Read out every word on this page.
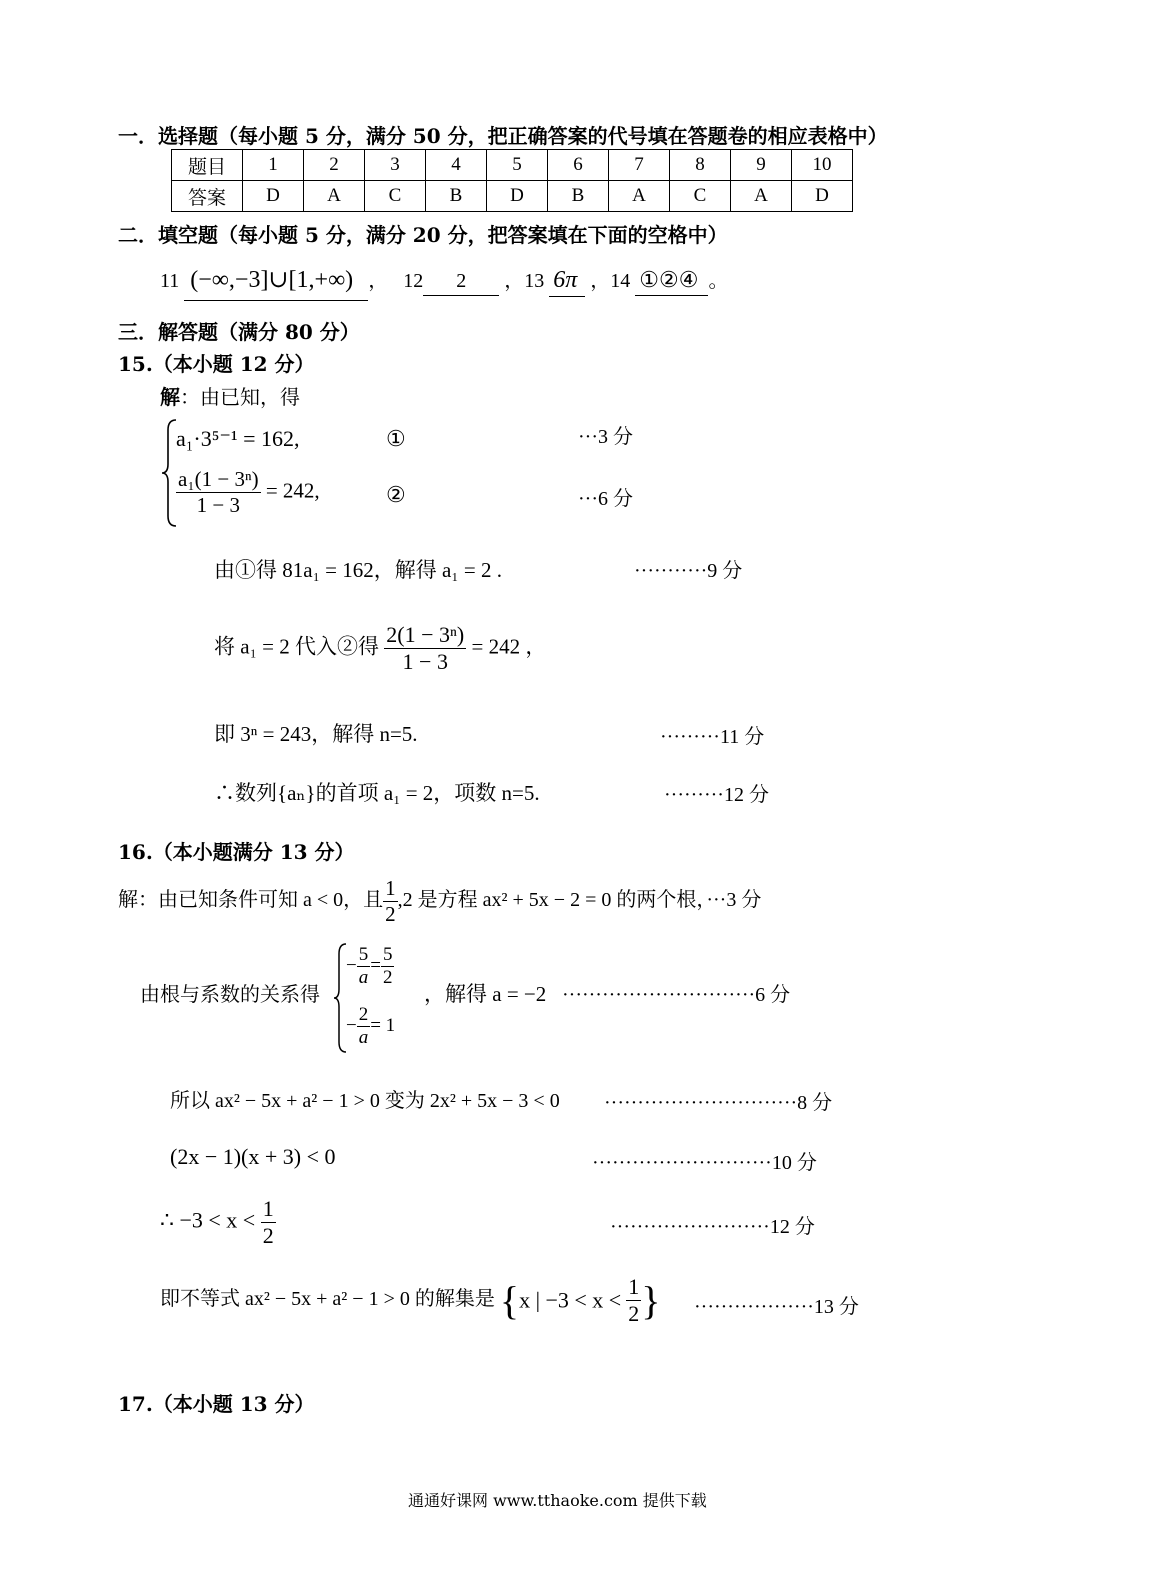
一．选择题（每小题 5 分，满分 50 分，把正确答案的代号填在答题卷的相应表格中）
题目	1	2	3	4	5	6	7	8	9	10
答案	D	A	C	B	D	B	A	C	A	D
二．填空题（每小题 5 分，满分 20 分，把答案填在下面的空格中）
11 (−∞,−3]∪[1,+∞) ， 12 2 ，13 6π ，14 ①②④ 。
三．解答题（满分 80 分）
15.（本小题 12 分）
解：由已知，得
a₁·3⁵⁻¹ = 162,	①	···3 分
$\frac{\text{a₁(1 − 3ⁿ)}}{1 - 3} = 242$,	②	···6 分
由①得 81a₁ = 162，解得 a₁ = 2 .	···········9 分
将 a₁ = 2 代入②得 $\frac{\text{2(1 − 3ⁿ)}}{1 - 3} = 242$ ，
即 3ⁿ = 243，解得 n=5.	·········11 分
∴数列{aₙ}的首项 a₁ = 2，项数 n=5.	·········12 分
16.（本小题满分 13 分）
解：由已知条件可知 a < 0，且 $\frac{1}{2} ,2$ 是方程 ax² + 5x − 2 = 0 的两个根，···3 分
由根与系数的关系得
− $\frac{5}{a} = \frac{5}{2}$
− $\frac{2}{a} = 1$
，解得 a = −2 ·····························6 分
所以 ax² − 5x + a² − 1 > 0 变为 2x² + 5x − 3 < 0 ·····························8 分
(2x − 1)(x + 3) < 0	···························10 分
∴ $-3 < x < \frac{1}{2}$	························12 分
即不等式 ax² − 5x + a² − 1 > 0 的解集是 {x | $-3 < x < \frac{1}{2}$ } ··················13 分
17.（本小题 13 分）
通通好课网 www.tthaoke.com 提供下载
